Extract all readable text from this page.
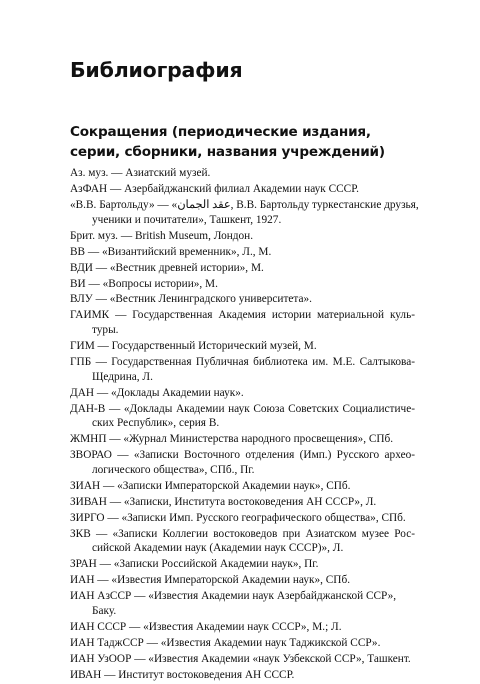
Библиография
Сокращения (периодические издания, серии, сборники, названия учреждений)
Аз. муз. — Азиатский музей.
АзФАН — Азербайджанский филиал Академии наук СССР.
«В.В. Бартольду» — «عقد الجمان, В.В. Бартольду туркестанские друзья,
ученики и почитатели», Ташкент, 1927.
Брит. муз. — British Museum, Лондон.
ВВ — «Византийский временник», Л., М.
ВДИ — «Вестник древней истории», М.
ВИ — «Вопросы истории», М.
ВЛУ — «Вестник Ленинградского университета».
ГАИМК — Государственная Академия истории материальной куль-
туры.
ГИМ — Государственный Исторический музей, М.
ГПБ — Государственная Публичная библиотека им. М.Е. Салтыкова-
Щедрина, Л.
ДАН — «Доклады Академии наук».
ДАН-В — «Доклады Академии наук Союза Советских Социалистиче-
ских Республик», серия В.
ЖМНП — «Журнал Министерства народного просвещения», СПб.
ЗВОРАО — «Записки Восточного отделения (Имп.) Русского археo-
логического общества», СПб., Пг.
ЗИАН — «Записки Императорской Академии наук», СПб.
ЗИВАН — «Записки, Института востоковедения АН СССР», Л.
ЗИРГО — «Записки Имп. Русского географического общества», СПб.
ЗКВ — «Записки Коллегии востоковедов при Азиатском музее Рос-
сийской Академии наук (Академии наук СССР)», Л.
ЗРАН — «Записки Российской Академии наук», Пг.
ИАН — «Известия Императорской Академии наук», СПб.
ИАН АзССР — «Известия Академии наук Азербайджанской ССР»,
Баку.
ИАН СССР — «Известия Академии наук СССР», М.; Л.
ИАН ТаджССР — «Известия Академии наук Таджикской ССР».
ИАН УзООР — «Известия Академии «наук Узбекской ССР», Ташкент.
ИВАН — Институт востоковедения АН СССР.
